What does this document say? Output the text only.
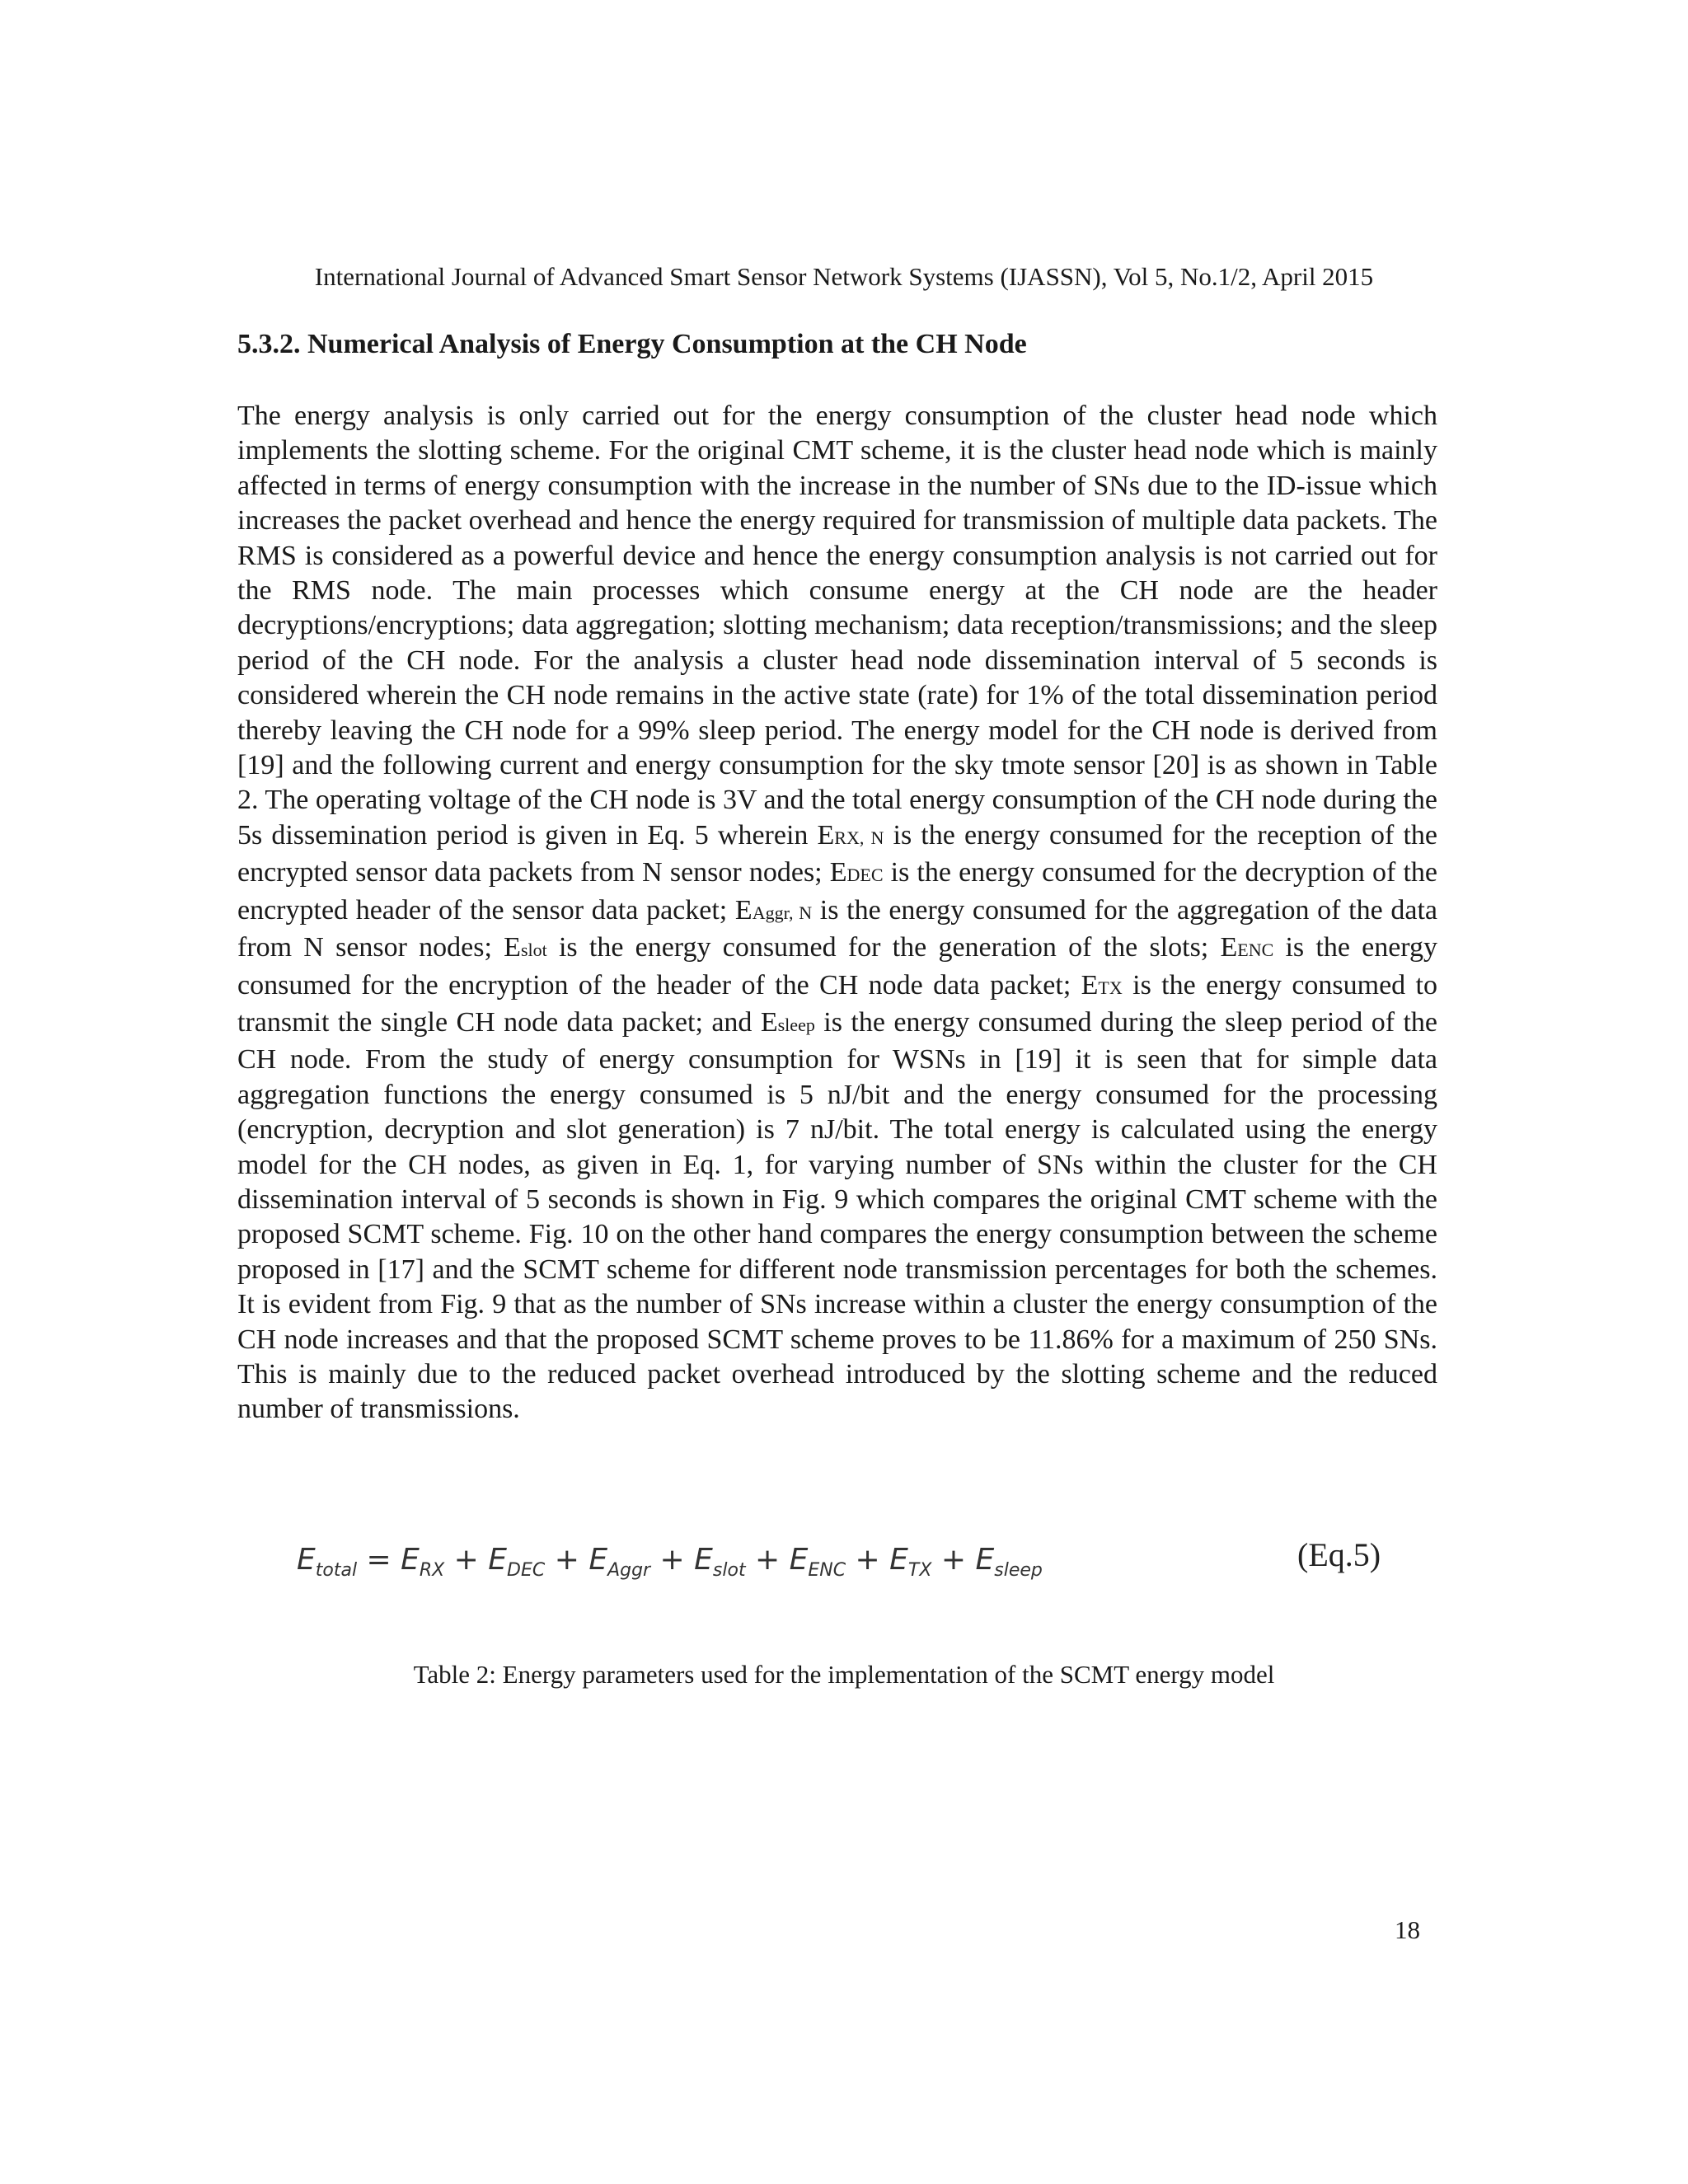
International Journal of Advanced Smart Sensor Network Systems (IJASSN), Vol 5, No.1/2, April 2015
5.3.2. Numerical Analysis of Energy Consumption at the CH Node
The energy analysis is only carried out for the energy consumption of the cluster head node which implements the slotting scheme. For the original CMT scheme, it is the cluster head node which is mainly affected in terms of energy consumption with the increase in the number of SNs due to the ID-issue which increases the packet overhead and hence the energy required for transmission of multiple data packets. The RMS is considered as a powerful device and hence the energy consumption analysis is not carried out for the RMS node. The main processes which consume energy at the CH node are the header decryptions/encryptions; data aggregation; slotting mechanism; data reception/transmissions; and the sleep period of the CH node. For the analysis a cluster head node dissemination interval of 5 seconds is considered wherein the CH node remains in the active state (rate) for 1% of the total dissemination period thereby leaving the CH node for a 99% sleep period. The energy model for the CH node is derived from [19] and the following current and energy consumption for the sky tmote sensor [20] is as shown in Table 2. The operating voltage of the CH node is 3V and the total energy consumption of the CH node during the 5s dissemination period is given in Eq. 5 wherein ERX, N is the energy consumed for the reception of the encrypted sensor data packets from N sensor nodes; EDEC is the energy consumed for the decryption of the encrypted header of the sensor data packet; EAggr, N is the energy consumed for the aggregation of the data from N sensor nodes; Eslot is the energy consumed for the generation of the slots; EENC is the energy consumed for the encryption of the header of the CH node data packet; ETX is the energy consumed to transmit the single CH node data packet; and Esleep is the energy consumed during the sleep period of the CH node. From the study of energy consumption for WSNs in [19] it is seen that for simple data aggregation functions the energy consumed is 5 nJ/bit and the energy consumed for the processing (encryption, decryption and slot generation) is 7 nJ/bit. The total energy is calculated using the energy model for the CH nodes, as given in Eq. 1, for varying number of SNs within the cluster for the CH dissemination interval of 5 seconds is shown in Fig. 9 which compares the original CMT scheme with the proposed SCMT scheme. Fig. 10 on the other hand compares the energy consumption between the scheme proposed in [17] and the SCMT scheme for different node transmission percentages for both the schemes. It is evident from Fig. 9 that as the number of SNs increase within a cluster the energy consumption of the CH node increases and that the proposed SCMT scheme proves to be 11.86% for a maximum of 250 SNs. This is mainly due to the reduced packet overhead introduced by the slotting scheme and the reduced number of transmissions.
$E_{total} = E_{RX} + E_{DEC} + E_{Aggr} + E_{slot} + E_{ENC} + E_{TX} + E_{sleep}$	(Eq.5)
Table 2: Energy parameters used for the implementation of the SCMT energy model
18
